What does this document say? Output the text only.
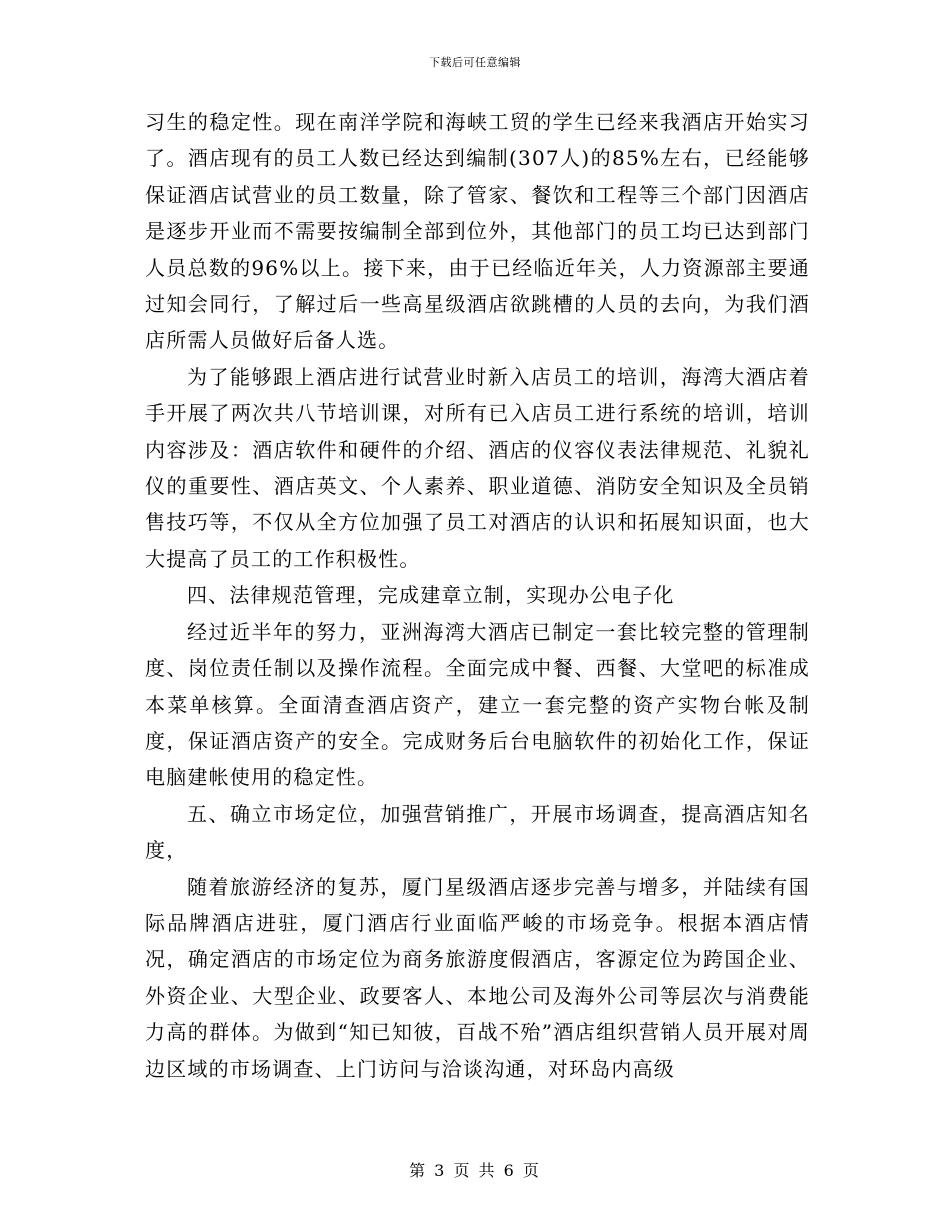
下载后可任意编辑

习生的稳定性。现在南洋学院和海峡工贸的学生已经来我酒店开始实习了。酒店现有的员工人数已经达到编制(307人)的85%左右，已经能够保证酒店试营业的员工数量，除了管家、餐饮和工程等三个部门因酒店是逐步开业而不需要按编制全部到位外，其他部门的员工均已达到部门人员总数的96%以上。接下来，由于已经临近年关，人力资源部主要通过知会同行，了解过后一些高星级酒店欲跳槽的人员的去向，为我们酒店所需人员做好后备人选。

为了能够跟上酒店进行试营业时新入店员工的培训，海湾大酒店着手开展了两次共八节培训课，对所有已入店员工进行系统的培训，培训内容涉及：酒店软件和硬件的介绍、酒店的仪容仪表法律规范、礼貌礼仪的重要性、酒店英文、个人素养、职业道德、消防安全知识及全员销售技巧等，不仅从全方位加强了员工对酒店的认识和拓展知识面，也大大提高了员工的工作积极性。

四、法律规范管理，完成建章立制，实现办公电子化

经过近半年的努力，亚洲海湾大酒店已制定一套比较完整的管理制度、岗位责任制以及操作流程。全面完成中餐、西餐、大堂吧的标准成本菜单核算。全面清查酒店资产，建立一套完整的资产实物台帐及制度，保证酒店资产的安全。完成财务后台电脑软件的初始化工作，保证电脑建帐使用的稳定性。

五、确立市场定位，加强营销推广，开展市场调查，提高酒店知名度，

随着旅游经济的复苏，厦门星级酒店逐步完善与增多，并陆续有国际品牌酒店进驻，厦门酒店行业面临严峻的市场竞争。根据本酒店情况，确定酒店的市场定位为商务旅游度假酒店，客源定位为跨国企业、外资企业、大型企业、政要客人、本地公司及海外公司等层次与消费能力高的群体。为做到“知已知彼，百战不殆”酒店组织营销人员开展对周边区域的市场调查、上门访问与洽谈沟通，对环岛内高级

第 3 页 共 6 页
